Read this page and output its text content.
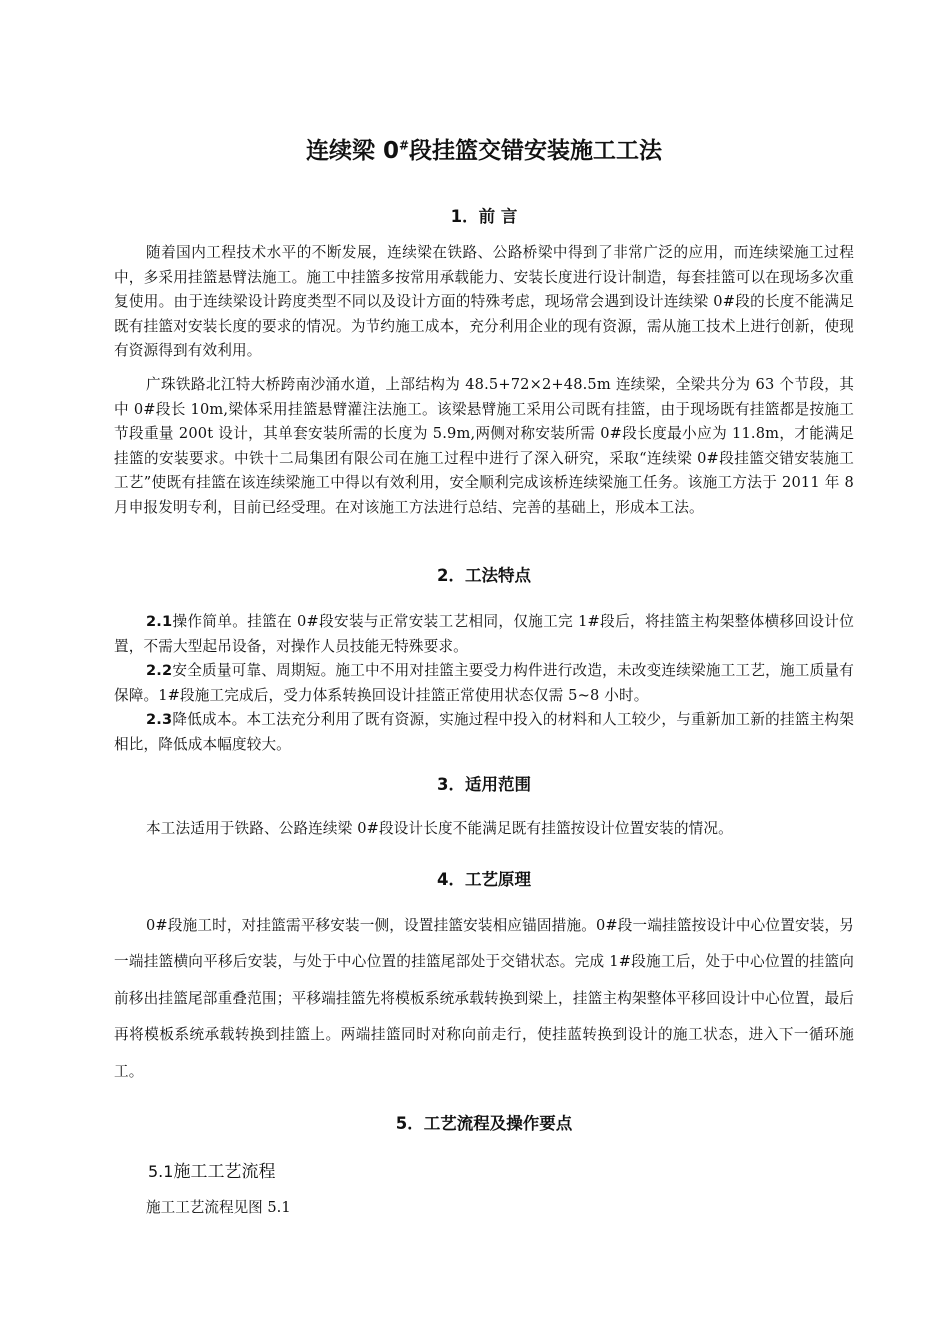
连续梁 0#段挂篮交错安装施工工法
1．前 言

随着国内工程技术水平的不断发展，连续梁在铁路、公路桥梁中得到了非常广泛的应用，而连续梁施工过程中，多采用挂篮悬臂法施工。施工中挂篮多按常用承载能力、安装长度进行设计制造，每套挂篮可以在现场多次重复使用。由于连续梁设计跨度类型不同以及设计方面的特殊考虑，现场常会遇到设计连续梁 0#段的长度不能满足既有挂篮对安装长度的要求的情况。为节约施工成本，充分利用企业的现有资源，需从施工技术上进行创新，使现有资源得到有效利用。

广珠铁路北江特大桥跨南沙涌水道，上部结构为 48.5+72×2+48.5m 连续梁，全梁共分为 63 个节段，其中 0#段长 10m,梁体采用挂篮悬臂灌注法施工。该梁悬臂施工采用公司既有挂篮，由于现场既有挂篮都是按施工节段重量 200t 设计，其单套安装所需的长度为 5.9m,两侧对称安装所需 0#段长度最小应为 11.8m，才能满足挂篮的安装要求。中铁十二局集团有限公司在施工过程中进行了深入研究，采取“连续梁 0#段挂篮交错安装施工工艺”使既有挂篮在该连续梁施工中得以有效利用，安全顺利完成该桥连续梁施工任务。该施工方法于 2011 年 8 月申报发明专利，目前已经受理。在对该施工方法进行总结、完善的基础上，形成本工法。

2．工法特点

2.1操作简单。挂篮在 0#段安装与正常安装工艺相同，仅施工完 1#段后，将挂篮主构架整体横移回设计位置，不需大型起吊设备，对操作人员技能无特殊要求。

2.2安全质量可靠、周期短。施工中不用对挂篮主要受力构件进行改造，未改变连续梁施工工艺，施工质量有保障。1#段施工完成后，受力体系转换回设计挂篮正常使用状态仅需 5~8 小时。

2.3降低成本。本工法充分利用了既有资源，实施过程中投入的材料和人工较少，与重新加工新的挂篮主构架相比，降低成本幅度较大。

3．适用范围

本工法适用于铁路、公路连续梁 0#段设计长度不能满足既有挂篮按设计位置安装的情况。

4．工艺原理

0#段施工时，对挂篮需平移安装一侧，设置挂篮安装相应锚固措施。0#段一端挂篮按设计中心位置安装，另一端挂篮横向平移后安装，与处于中心位置的挂篮尾部处于交错状态。完成 1#段施工后，处于中心位置的挂篮向前移出挂篮尾部重叠范围；平移端挂篮先将模板系统承载转换到梁上，挂篮主构架整体平移回设计中心位置，最后再将模板系统承载转换到挂篮上。两端挂篮同时对称向前走行，使挂蓝转换到设计的施工状态，进入下一循环施工。

5．工艺流程及操作要点

5.1施工工艺流程

施工工艺流程见图 5.1
